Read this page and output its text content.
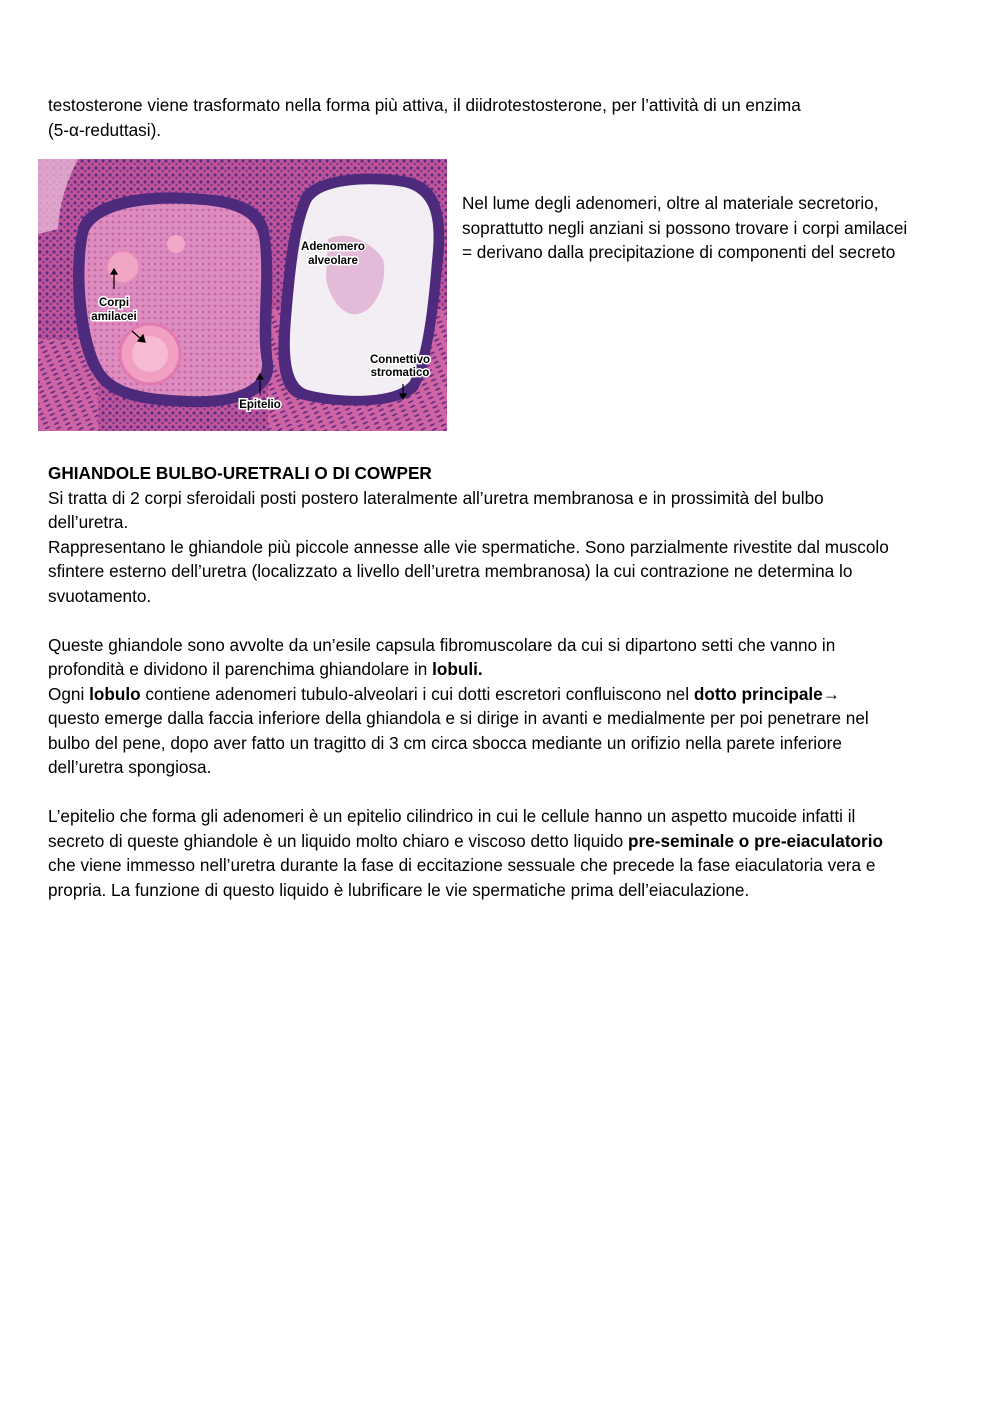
testosterone viene trasformato nella forma più attiva, il diidrotestosterone, per l’attività di un enzima

(5-α-reduttasi).

Adenomero
alveolare
Corpi
amilacei
Connettivo
stromatico
Epitelio

Nel lume degli adenomeri, oltre al materiale secretorio,

soprattutto negli anziani si possono trovare i corpi amilacei

= derivano dalla precipitazione di componenti del secreto

GHIANDOLE BULBO-URETRALI O DI COWPER

Si tratta di 2 corpi sferoidali posti postero lateralmente all’uretra membranosa e in prossimità del bulbo

dell’uretra.

Rappresentano le ghiandole più piccole annesse alle vie spermatiche. Sono parzialmente rivestite dal muscolo

sfintere esterno dell’uretra (localizzato a livello dell’uretra membranosa) la cui contrazione ne determina lo

svuotamento.

Queste ghiandole sono avvolte da un’esile capsula fibromuscolare da cui si dipartono setti che vanno in

profondità e dividono il parenchima ghiandolare in lobuli.

Ogni lobulo contiene adenomeri tubulo-alveolari i cui dotti escretori confluiscono nel dotto principale→

questo emerge dalla faccia inferiore della ghiandola e si dirige in avanti e medialmente per poi penetrare nel

bulbo del pene, dopo aver fatto un tragitto di 3 cm circa sbocca mediante un orifizio nella parete inferiore

dell’uretra spongiosa.

L’epitelio che forma gli adenomeri è un epitelio cilindrico in cui le cellule hanno un aspetto mucoide infatti il

secreto di queste ghiandole è un liquido molto chiaro e viscoso detto liquido pre-seminale o pre-eiaculatorio

che viene immesso nell’uretra durante la fase di eccitazione sessuale che precede la fase eiaculatoria vera e

propria. La funzione di questo liquido è lubrificare le vie spermatiche prima dell’eiaculazione.
